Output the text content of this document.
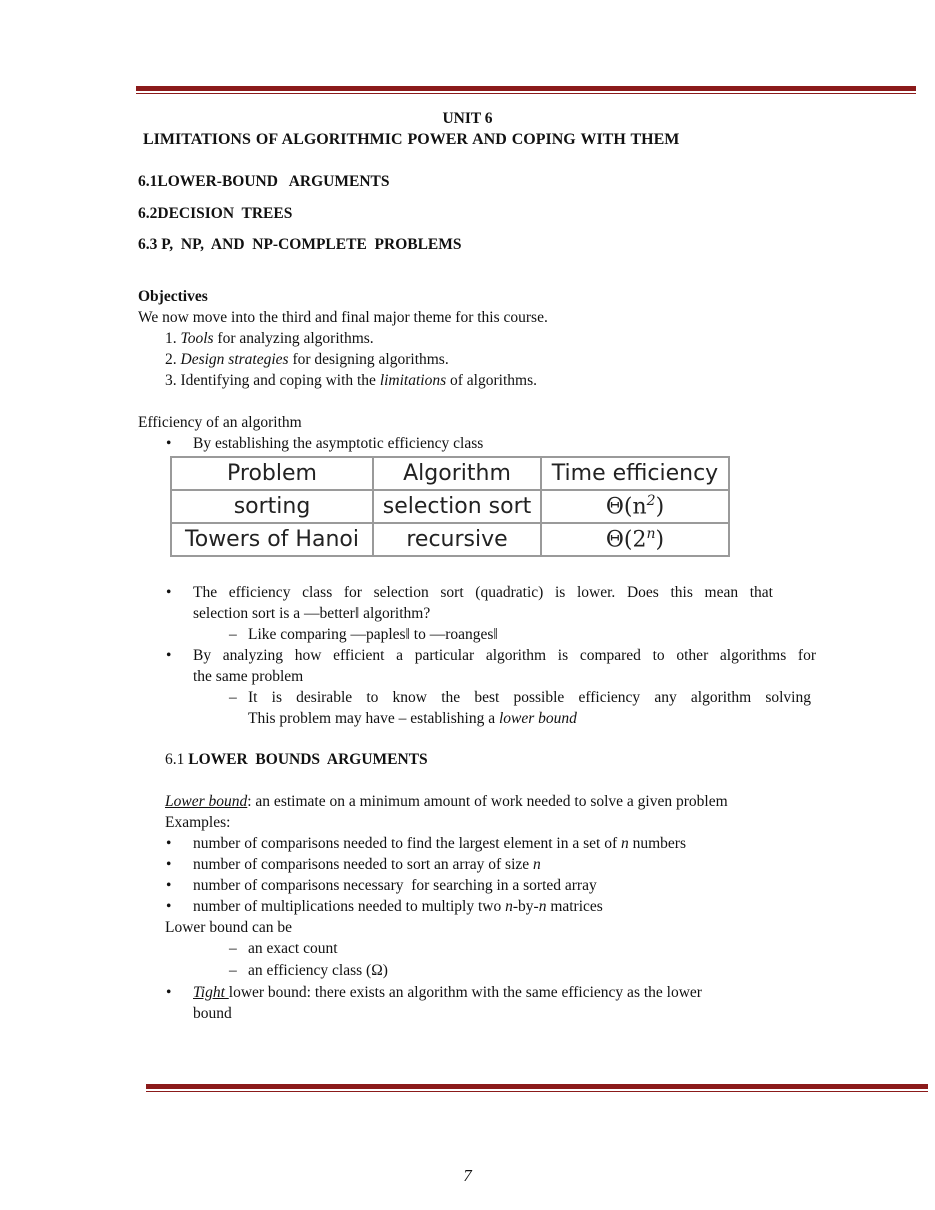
UNIT 6
LIMITATIONS OF ALGORITHMIC POWER AND COPING WITH THEM
6.1LOWER-BOUND   ARGUMENTS
6.2DECISION  TREES
6.3 P,  NP,  AND  NP-COMPLETE  PROBLEMS
Objectives
We now move into the third and final major theme for this course.
1. Tools for analyzing algorithms.
2. Design strategies for designing algorithms.
3. Identifying and coping with the limitations of algorithms.
Efficiency of an algorithm
• By establishing the asymptotic efficiency class
Problem	Algorithm	Time efficiency
sorting	selection sort	$\Theta(n^2)$
Towers of Hanoi	recursive	Θ(2$^n$)
• The efficiency class for selection sort (quadratic) is lower. Does this mean that
selection sort is a ―better‖ algorithm?
– Like comparing ―paples‖ to ―roanges‖
• By analyzing how efficient a particular algorithm is compared to other algorithms for
the same problem
– It is desirable to know the best possible efficiency any algorithm solving
This problem may have – establishing a lower bound
6.1 LOWER  BOUNDS  ARGUMENTS
Lower bound: an estimate on a minimum amount of work needed to solve a given problem
Examples:
• number of comparisons needed to find the largest element in a set of n numbers
• number of comparisons needed to sort an array of size n
• number of comparisons necessary  for searching in a sorted array
• number of multiplications needed to multiply two n-by-n matrices
Lower bound can be
– an exact count
– an efficiency class (Ω)
• Tight lower bound: there exists an algorithm with the same efficiency as the lower
bound
7
